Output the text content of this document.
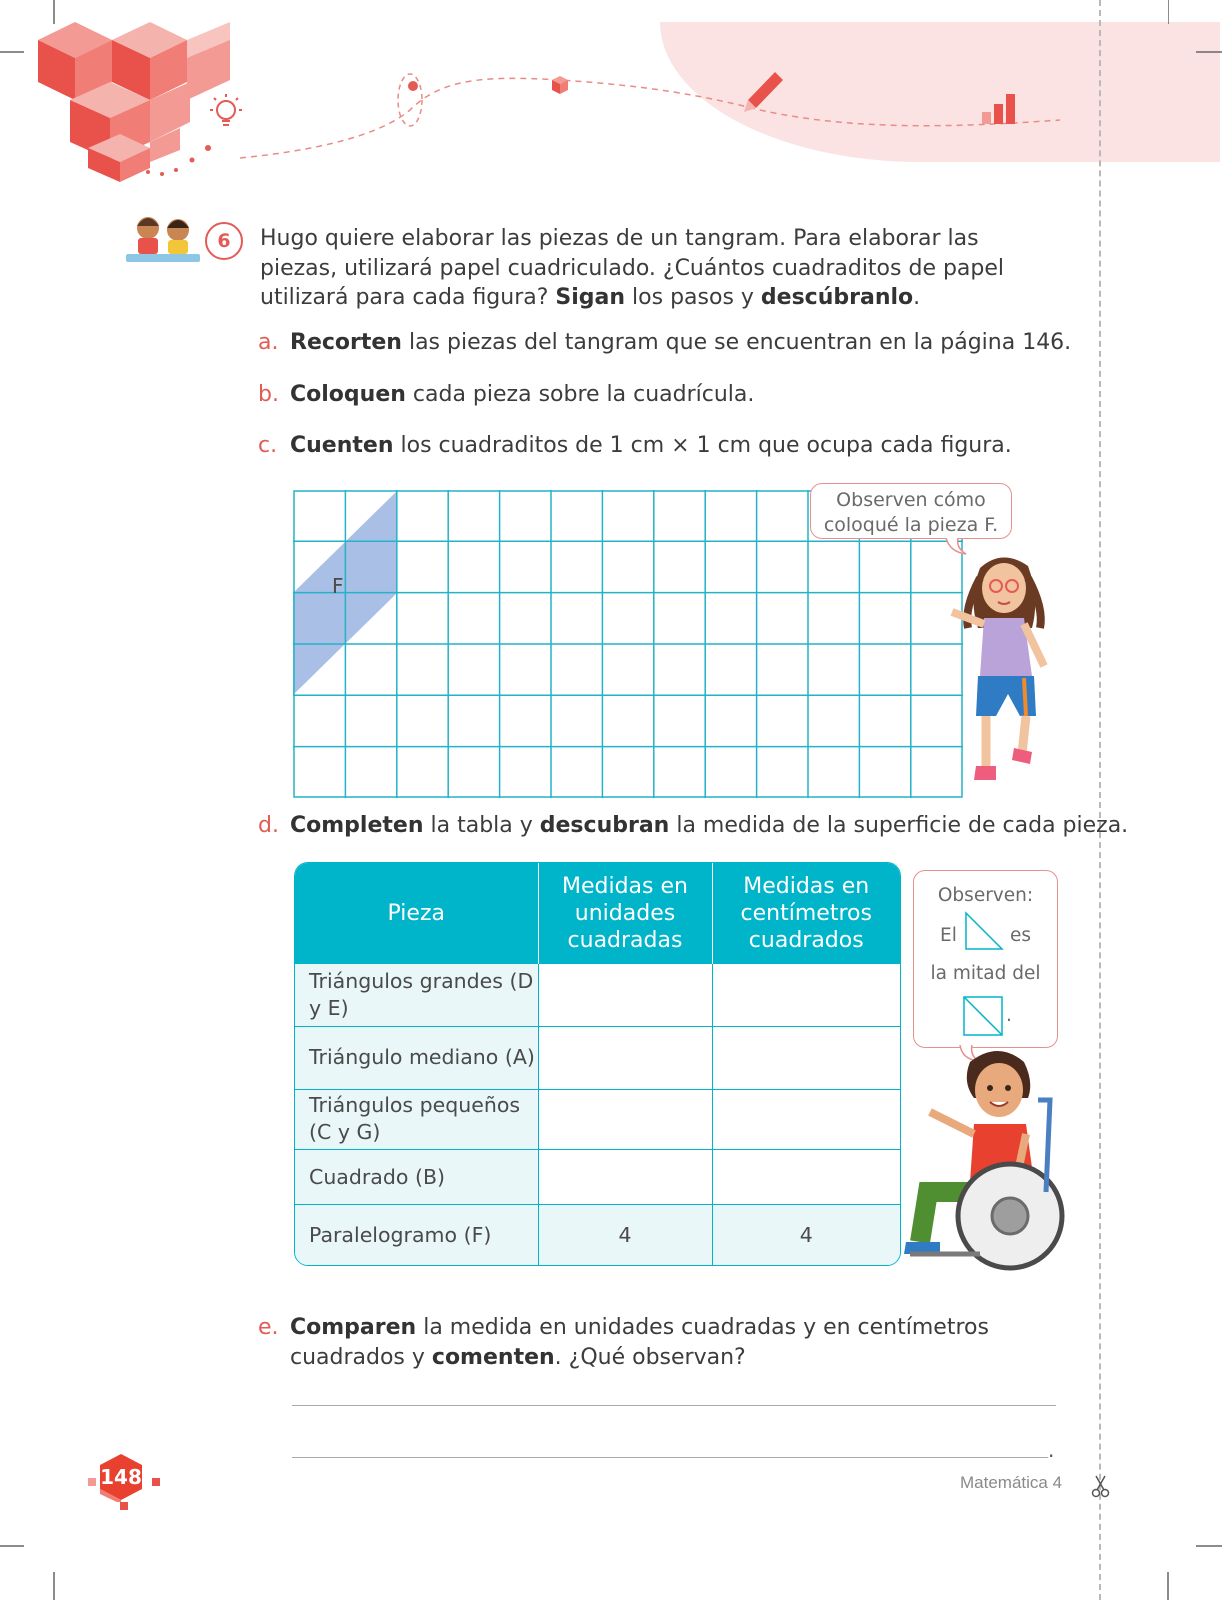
6	Hugo quiere elaborar las piezas de un tangram. Para elaborar las piezas, utilizará papel cuadriculado. ¿Cuántos cuadraditos de papel utilizará para cada figura? Sigan los pasos y descúbranlo.
a. Recorten las piezas del tangram que se encuentran en la página 146.
b. Coloquen cada pieza sobre la cuadrícula.
c. Cuenten los cuadraditos de 1 cm × 1 cm que ocupa cada figura.
F
Observen cómo
coloqué la pieza F.
d. Completen la tabla y descubran la medida de la superficie de cada pieza.
Pieza	Medidas en unidades cuadradas	Medidas en centímetros cuadrados
Triángulos grandes (D y E)		
Triángulo mediano (A)		
Triángulos pequeños (C y G)		
Cuadrado (B)		
Paralelogramo (F)	4	4
Observen:
El	es
la mitad del
.
e. Comparen la medida en unidades cuadradas y en centímetros cuadrados y comenten. ¿Qué observan?
.
148	Matemática 4
